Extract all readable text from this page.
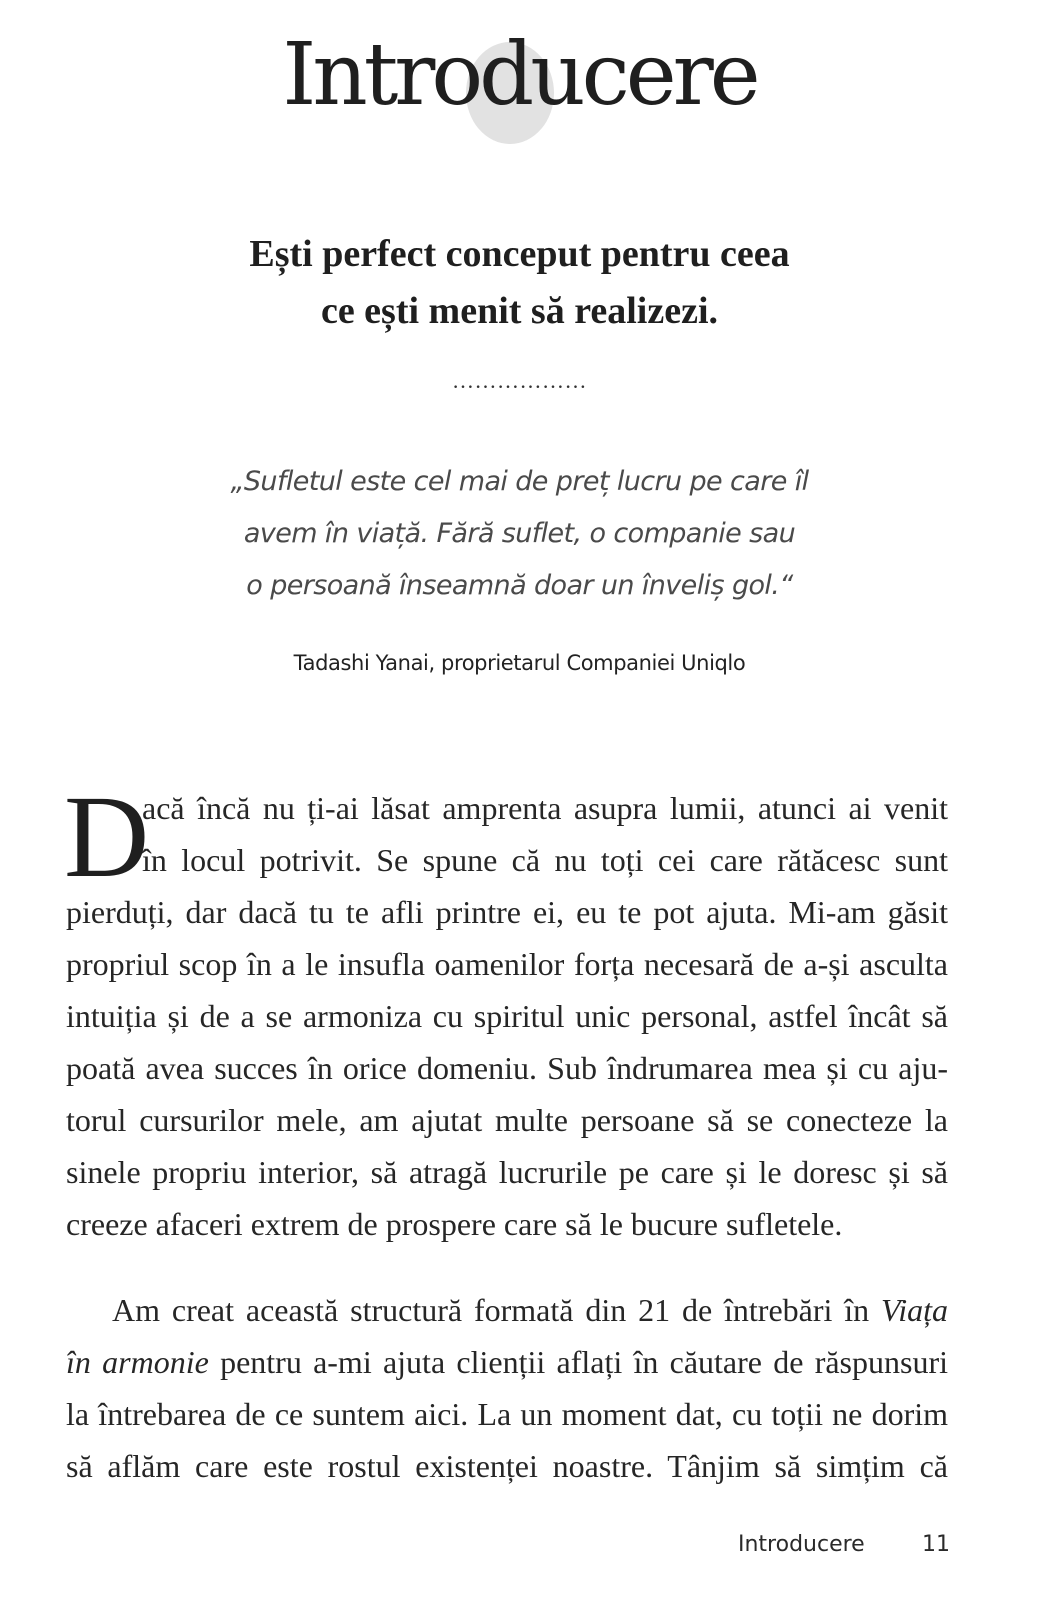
Introducere
Ești perfect conceput pentru ceea
ce ești menit să realizezi.
………………
„Sufletul este cel mai de preț lucru pe care îl
avem în viață. Fără suflet, o companie sau
o persoană înseamnă doar un înveliș gol.“
Tadashi Yanai, proprietarul Companiei Uniqlo
D
acă încă nu ți-ai lăsat amprenta asupra lumii, atunci ai venit
în locul potrivit. Se spune că nu toți cei care rătăcesc sunt
pierduți, dar dacă tu te afli printre ei, eu te pot ajuta. Mi-am găsit
propriul scop în a le insufla oamenilor forța necesară de a-și asculta
intuiția și de a se armoniza cu spiritul unic personal, astfel încât să
poată avea succes în orice domeniu. Sub îndrumarea mea și cu aju-
torul cursurilor mele, am ajutat multe persoane să se conecteze la
sinele propriu interior, să atragă lucrurile pe care și le doresc și să
creeze afaceri extrem de prospere care să le bucure sufletele.
Am creat această structură formată din 21 de întrebări în Viața
în armonie pentru a-mi ajuta clienții aflați în căutare de răspunsuri
la întrebarea de ce suntem aici. La un moment dat, cu toții ne dorim
să aflăm care este rostul existenței noastre. Tânjim să simțim că
Introducere	11
